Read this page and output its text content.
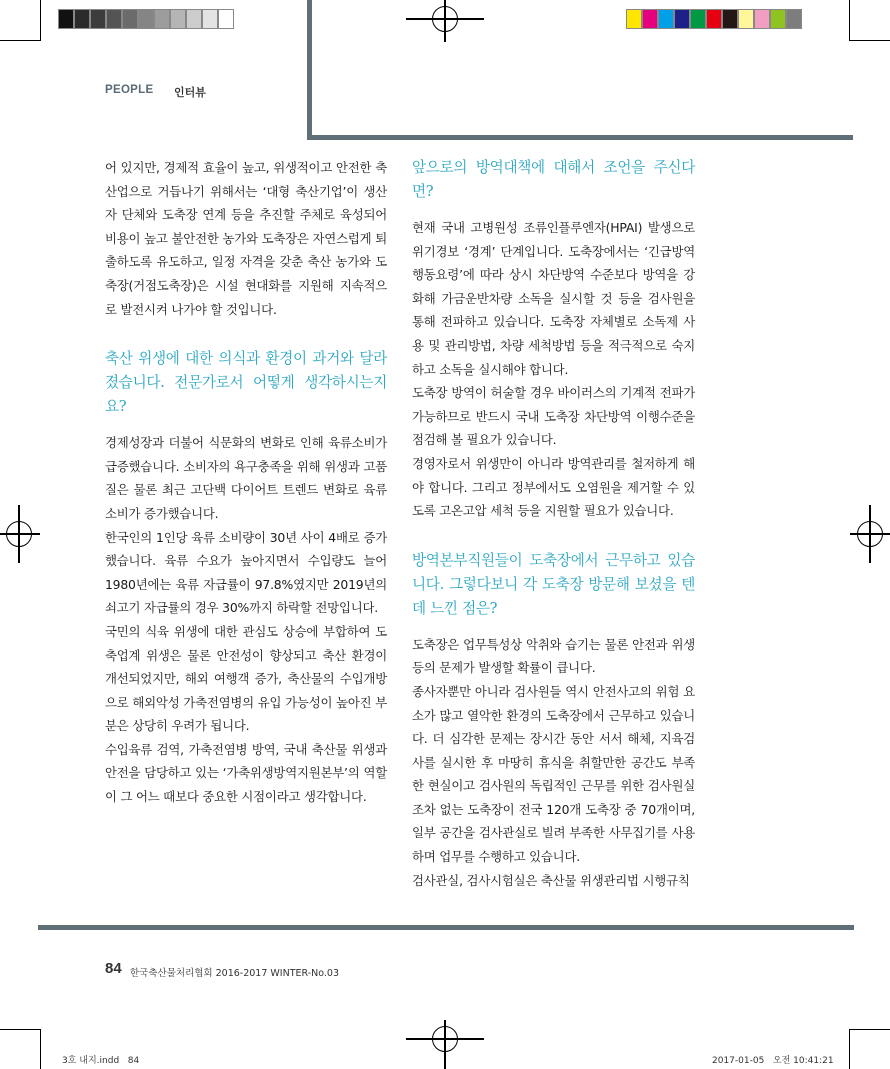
PEOPLE 인터뷰

어 있지만, 경제적 효율이 높고, 위생적이고 안전한 축산업으로 거듭나기 위해서는 ‘대형 축산기업’이 생산자 단체와 도축장 연계 등을 추진할 주체로 육성되어 비용이 높고 불안전한 농가와 도축장은 자연스럽게 퇴출하도록 유도하고, 일정 자격을 갖춘 축산 농가와 도축장(거점도축장)은 시설 현대화를 지원해 지속적으로 발전시켜 나가야 할 것입니다.

축산 위생에 대한 의식과 환경이 과거와 달라졌습니다. 전문가로서 어떻게 생각하시는지요?

경제성장과 더불어 식문화의 변화로 인해 육류소비가 급증했습니다. 소비자의 욕구충족을 위해 위생과 고품질은 물론 최근 고단백 다이어트 트렌드 변화로 육류소비가 증가했습니다.

한국인의 1인당 육류 소비량이 30년 사이 4배로 증가했습니다. 육류 수요가 높아지면서 수입량도 늘어 1980년에는 육류 자급률이 97.8%였지만 2019년의 쇠고기 자급률의 경우 30%까지 하락할 전망입니다.

국민의 식육 위생에 대한 관심도 상승에 부합하여 도축업계 위생은 물론 안전성이 향상되고 축산 환경이 개선되었지만, 해외 여행객 증가, 축산물의 수입개방으로 해외악성 가축전염병의 유입 가능성이 높아진 부분은 상당히 우려가 됩니다.

수입육류 검역, 가축전염병 방역, 국내 축산물 위생과 안전을 담당하고 있는 ‘가축위생방역지원본부’의 역할이 그 어느 때보다 중요한 시점이라고 생각합니다.

앞으로의 방역대책에 대해서 조언을 주신다면?

현재 국내 고병원성 조류인플루엔자(HPAI) 발생으로 위기경보 ‘경계’ 단계입니다. 도축장에서는 ‘긴급방역 행동요령’에 따라 상시 차단방역 수준보다 방역을 강화해 가금운반차량 소독을 실시할 것 등을 검사원을 통해 전파하고 있습니다. 도축장 자체별로 소독제 사용 및 관리방법, 차량 세척방법 등을 적극적으로 숙지하고 소독을 실시해야 합니다.

도축장 방역이 허술할 경우 바이러스의 기계적 전파가 가능하므로 반드시 국내 도축장 차단방역 이행수준을 점검해 볼 필요가 있습니다.

경영자로서 위생만이 아니라 방역관리를 철저하게 해야 합니다. 그리고 정부에서도 오염원을 제거할 수 있도록 고온고압 세척 등을 지원할 필요가 있습니다.

방역본부직원들이 도축장에서 근무하고 있습니다. 그렇다보니 각 도축장 방문해 보셨을 텐데 느낀 점은?

도축장은 업무특성상 악취와 습기는 물론 안전과 위생 등의 문제가 발생할 확률이 큽니다.

종사자뿐만 아니라 검사원들 역시 안전사고의 위험 요소가 많고 열악한 환경의 도축장에서 근무하고 있습니다. 더 심각한 문제는 장시간 동안 서서 해체, 지육검사를 실시한 후 마땅히 휴식을 취할만한 공간도 부족한 현실이고 검사원의 독립적인 근무를 위한 검사원실조차 없는 도축장이 전국 120개 도축장 중 70개이며, 일부 공간을 검사관실로 빌려 부족한 사무집기를 사용하며 업무를 수행하고 있습니다.

검사관실, 검사시험실은 축산물 위생관리법 시행규칙

84 한국축산물처리협회 2016-2017 WINTER-No.03
3호 내지.indd   84	2017-01-05   오전 10:41:21
